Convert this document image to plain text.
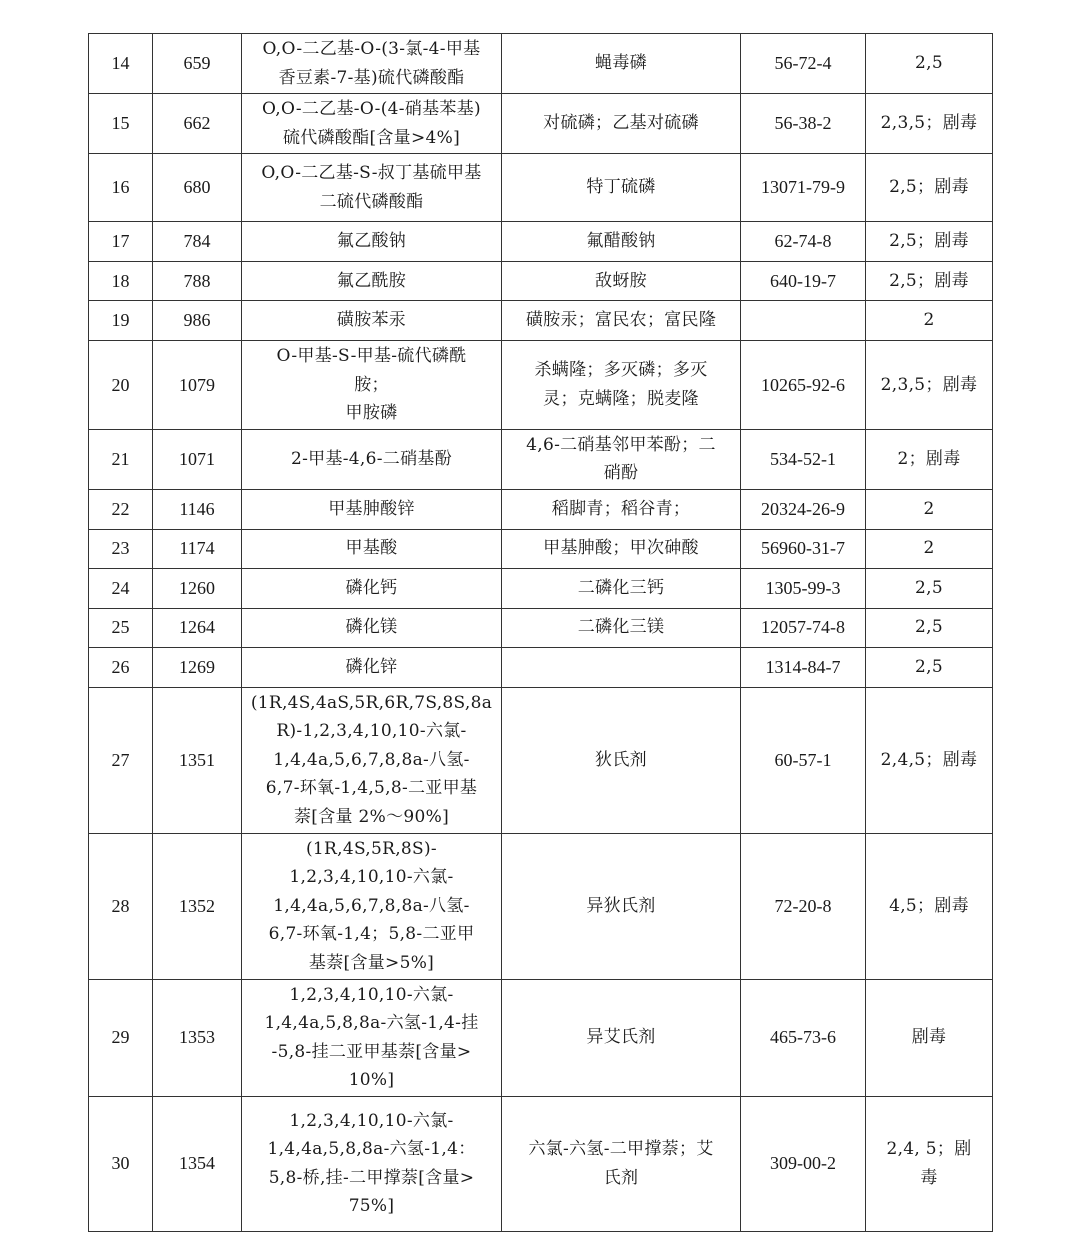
14	659	O,O-二乙基-O-(3-氯-4-甲基
香豆素-7-基)硫代磷酸酯	蝇毒磷	56-72-4	2,5

15	662	O,O-二乙基-O-(4-硝基苯基)
硫代磷酸酯[含量>4%]	对硫磷；乙基对硫磷	56-38-2	2,3,5；剧毒

16	680	O,O-二乙基-S-叔丁基硫甲基
二硫代磷酸酯	特丁硫磷	13071-79-9	2,5；剧毒

17	784	氟乙酸钠	氟醋酸钠	62-74-8	2,5；剧毒

18	788	氟乙酰胺	敌蚜胺	640-19-7	2,5；剧毒

19	986	磺胺苯汞	磺胺汞；富民农；富民隆		2

20	1079	O-甲基-S-甲基-硫代磷酰
胺；
甲胺磷	杀螨隆；多灭磷；多灭
灵；克螨隆；脱麦隆	10265-92-6	2,3,5；剧毒

21	1071	2-甲基-4,6-二硝基酚	4,6-二硝基邻甲苯酚；二
硝酚	534-52-1	2；剧毒

22	1146	甲基胂酸锌	稻脚青；稻谷青；	20324-26-9	2

23	1174	甲基酸	甲基胂酸；甲次砷酸	56960-31-7	2

24	1260	磷化钙	二磷化三钙	1305-99-3	2,5

25	1264	磷化镁	二磷化三镁	12057-74-8	2,5

26	1269	磷化锌		1314-84-7	2,5

27	1351	(1R,4S,4aS,5R,6R,7S,8S,8a
R)-1,2,3,4,10,10-六氯-
1,4,4a,5,6,7,8,8a-八氢-
6,7-环氧-1,4,5,8-二亚甲基
萘[含量 2%～90%]	狄氏剂	60-57-1	2,4,5；剧毒

28	1352	(1R,4S,5R,8S)-
1,2,3,4,10,10-六氯-
1,4,4a,5,6,7,8,8a-八氢-
6,7-环氧-1,4；5,8-二亚甲
基萘[含量>5%]	异狄氏剂	72-20-8	4,5；剧毒

29	1353	1,2,3,4,10,10-六氯-
1,4,4a,5,8,8a-六氢-1,4-挂
-5,8-挂二亚甲基萘[含量>
10%]	异艾氏剂	465-73-6	剧毒

30	1354	1,2,3,4,10,10-六氯-
1,4,4a,5,8,8a-六氢-1,4：
5,8-桥,挂-二甲撑萘[含量>
75%]	六氯-六氢-二甲撑萘；艾
氏剂	309-00-2	2,4, 5；剧
毒
